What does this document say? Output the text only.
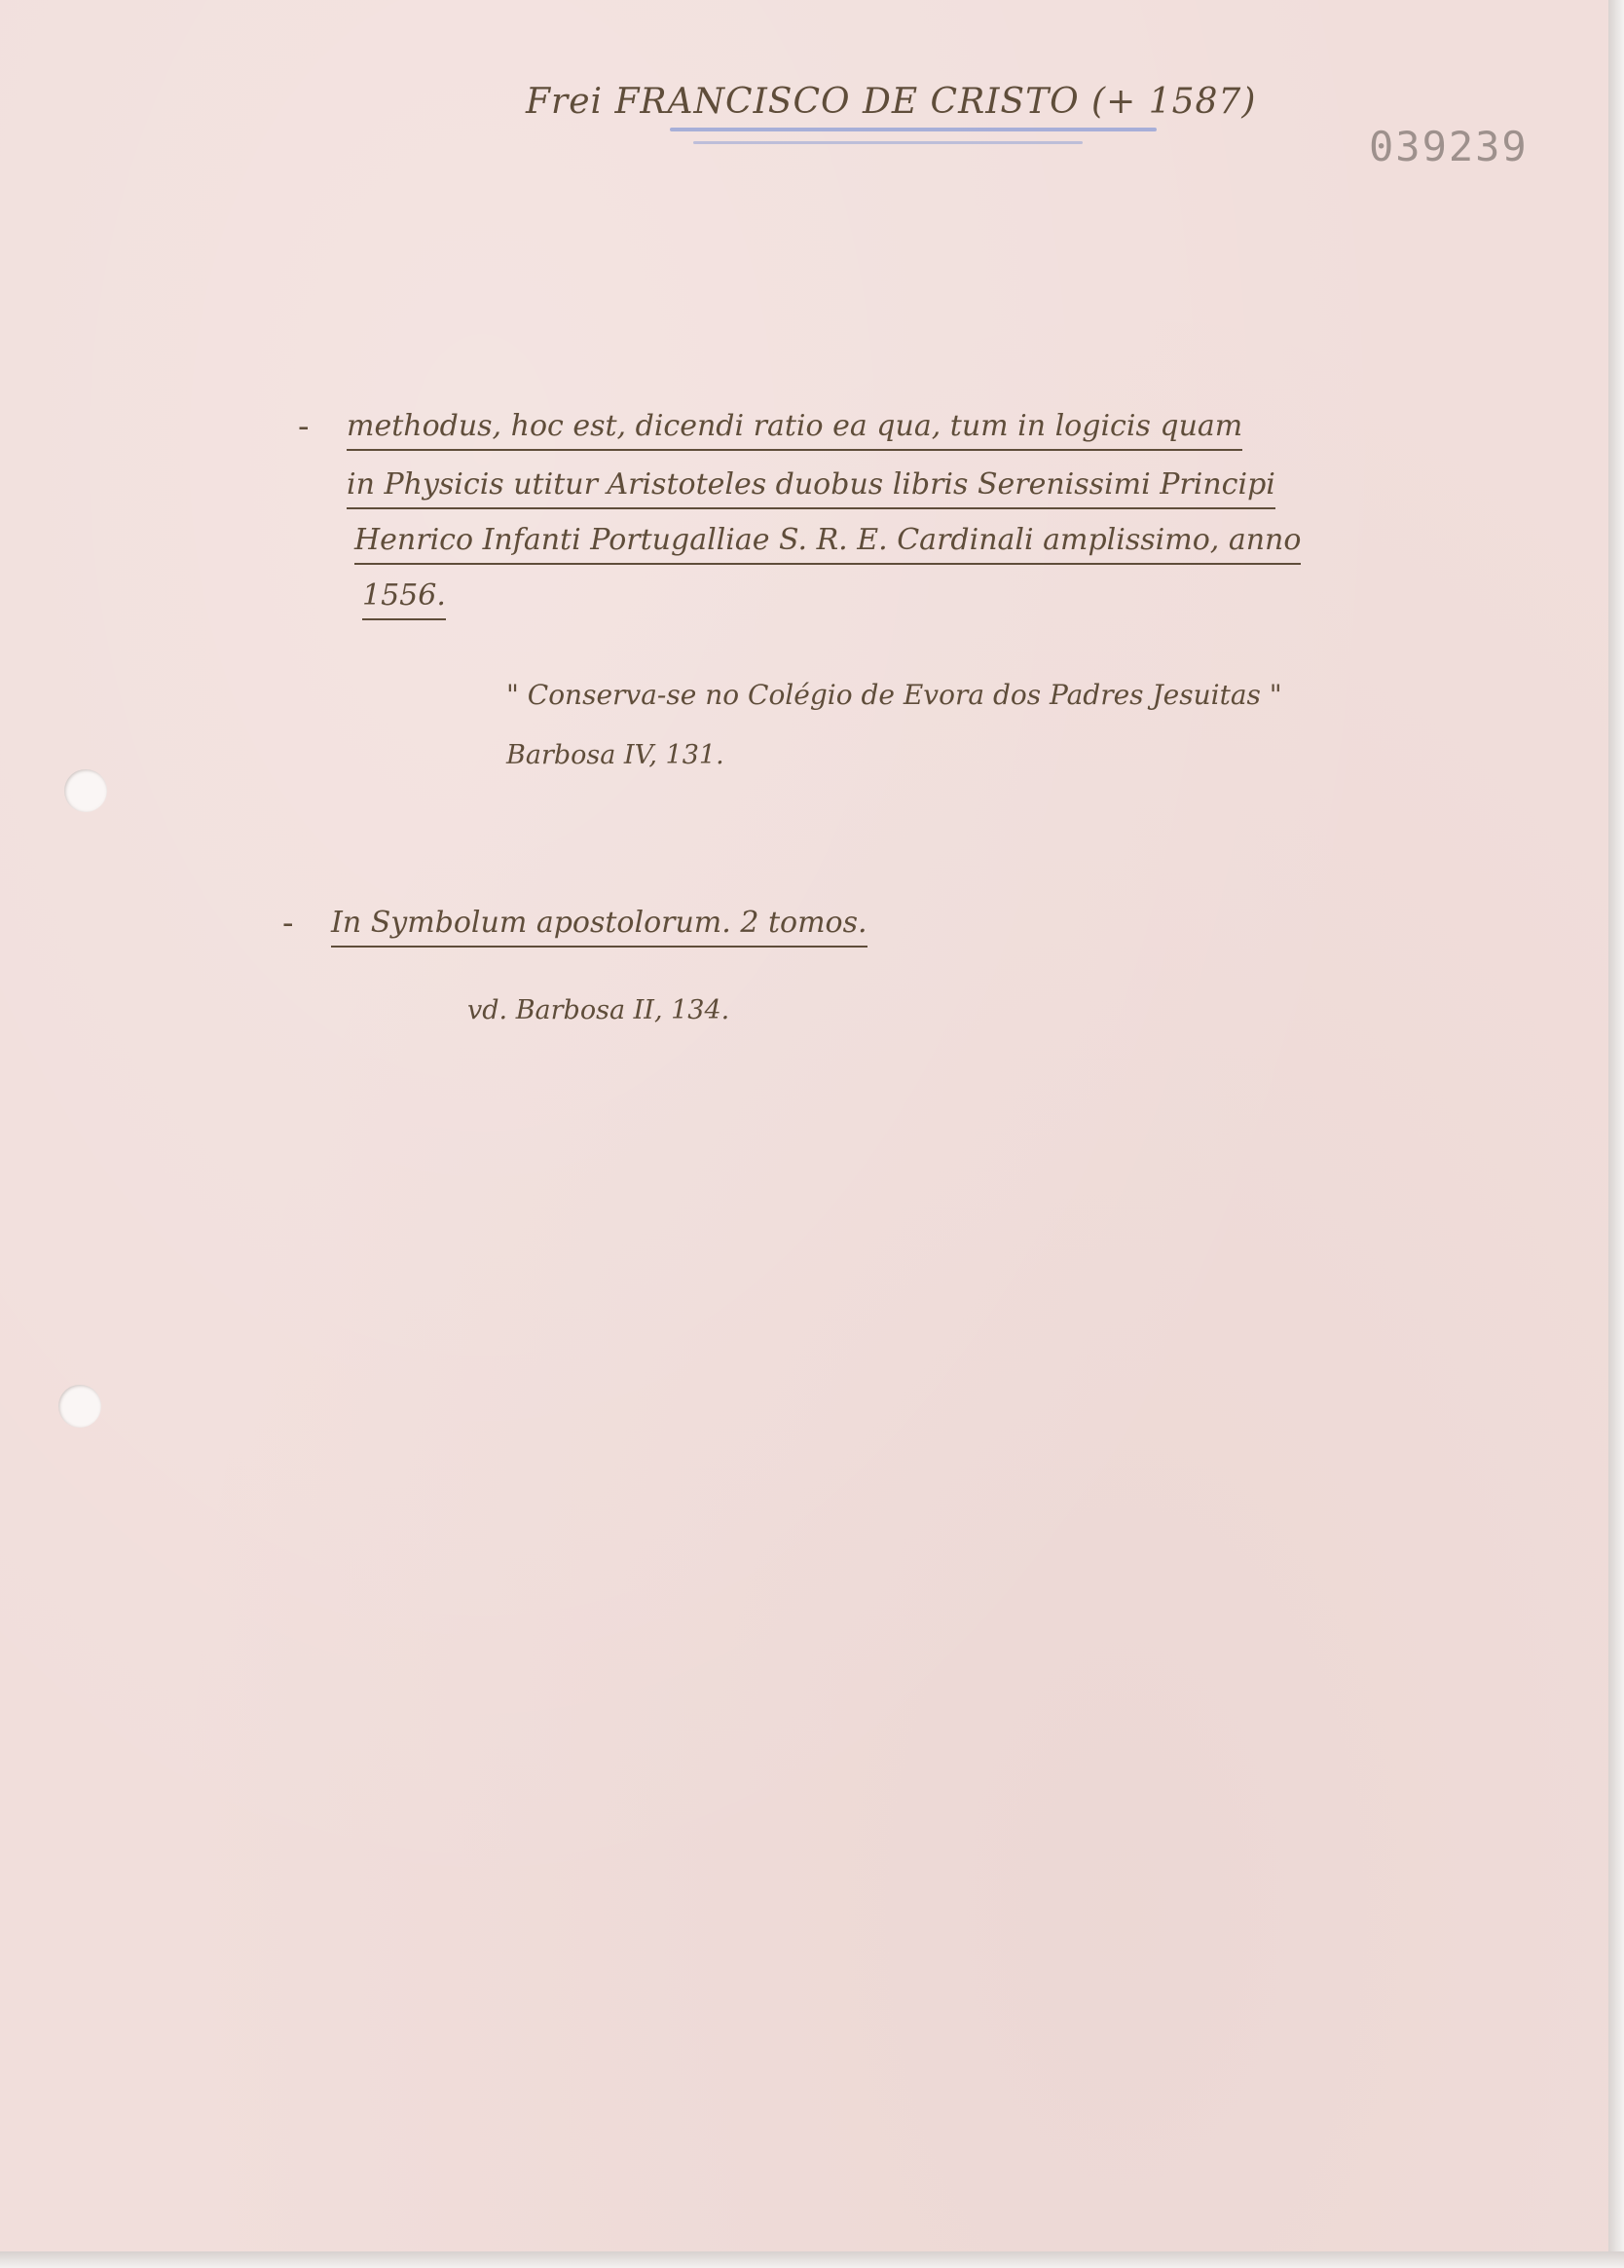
Frei FRANCISCO DE CRISTO (+ 1587)
039239
- methodus, hoc est, dicendi ratio ea qua, tum in logicis quam
in Physicis utitur Aristoteles duobus libris Serenissimi Principi
Henrico Infanti Portugalliae S. R. E. Cardinali amplissimo, anno
1556.
" Conserva-se no Colégio de Evora dos Padres Jesuitas "
Barbosa IV, 131.
- In Symbolum apostolorum. 2 tomos.
vd. Barbosa II, 134.
